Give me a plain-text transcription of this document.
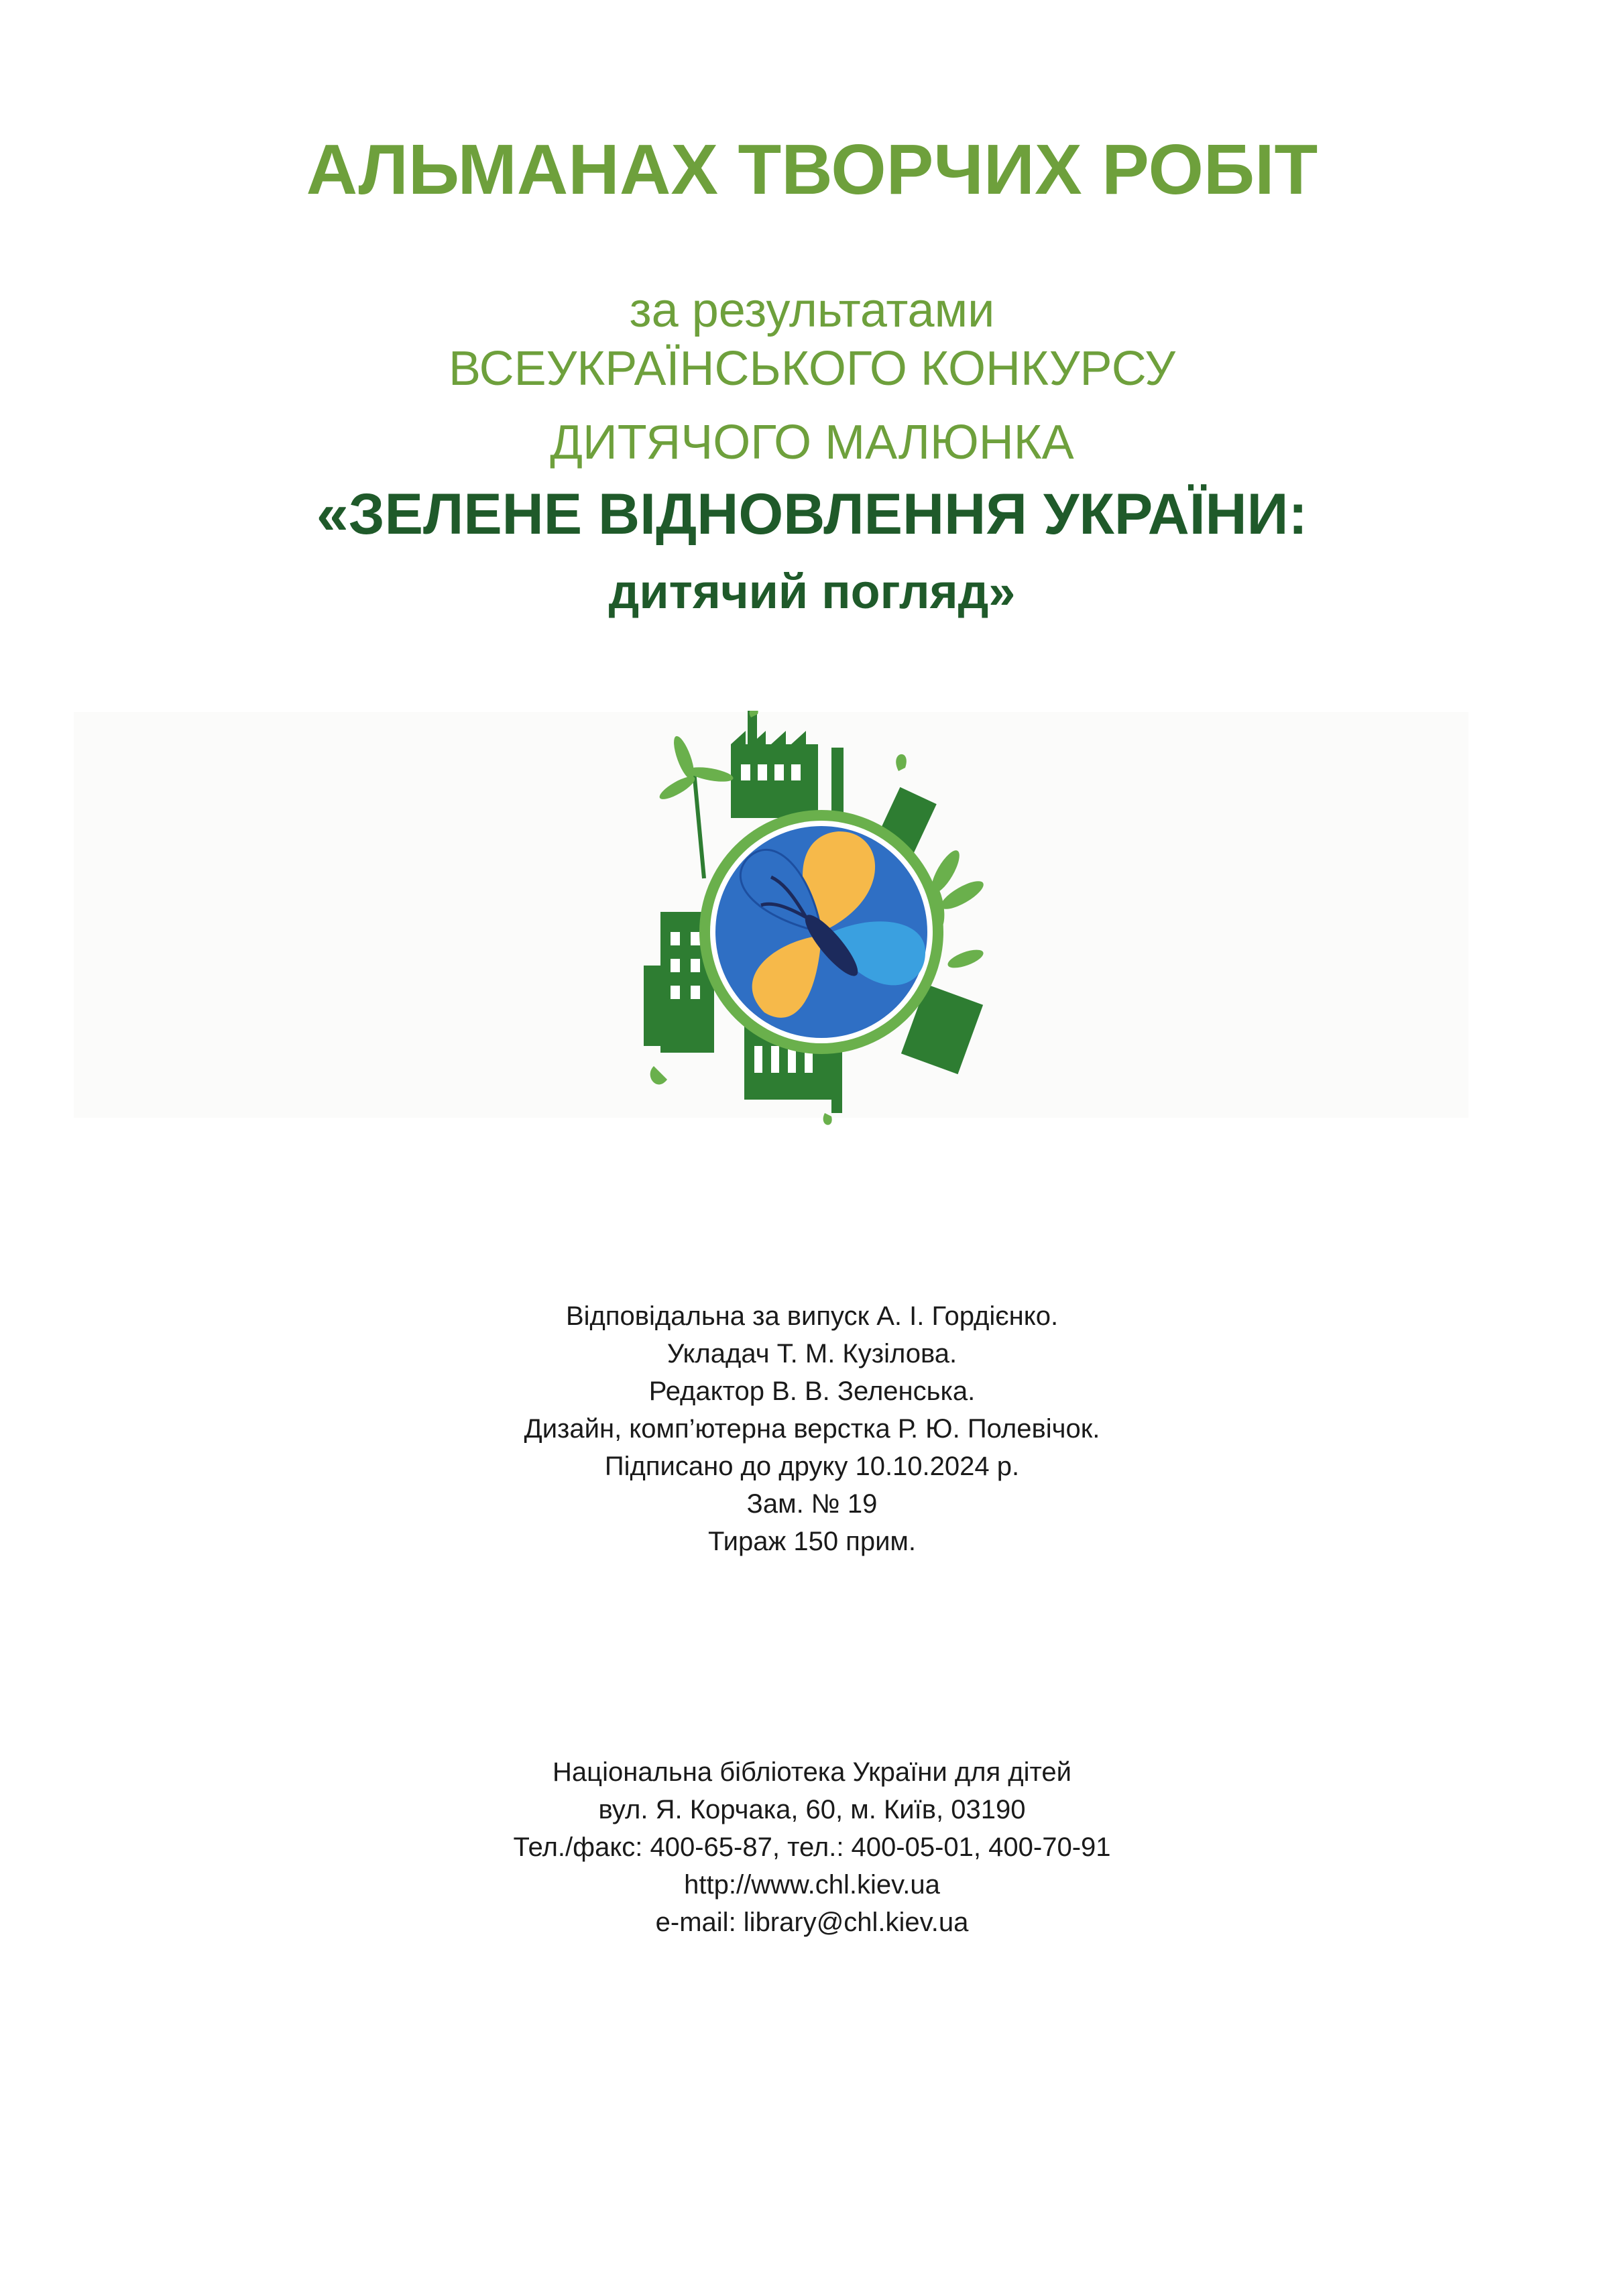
АЛЬМАНАХ ТВОРЧИХ РОБІТ
за результатами
ВСЕУКРАЇНСЬКОГО КОНКУРСУ
ДИТЯЧОГО МАЛЮНКА
«ЗЕЛЕНЕ ВІДНОВЛЕННЯ УКРАЇНИ:
дитячий погляд»
Відповідальна за випуск А. І. Гордієнко.
Укладач Т. М. Кузілова.
Редактор В. В. Зеленська.
Дизайн, комп’ютерна верстка Р. Ю. Полевічок.
Підписано до друку 10.10.2024 р.
Зам. № 19
Тираж 150 прим.
Національна бібліотека України для дітей
вул. Я. Корчака, 60, м. Київ, 03190
Тел./факс: 400-65-87, тел.: 400-05-01, 400-70-91
http://www.chl.kiev.ua
e-mail: library@chl.kiev.ua
